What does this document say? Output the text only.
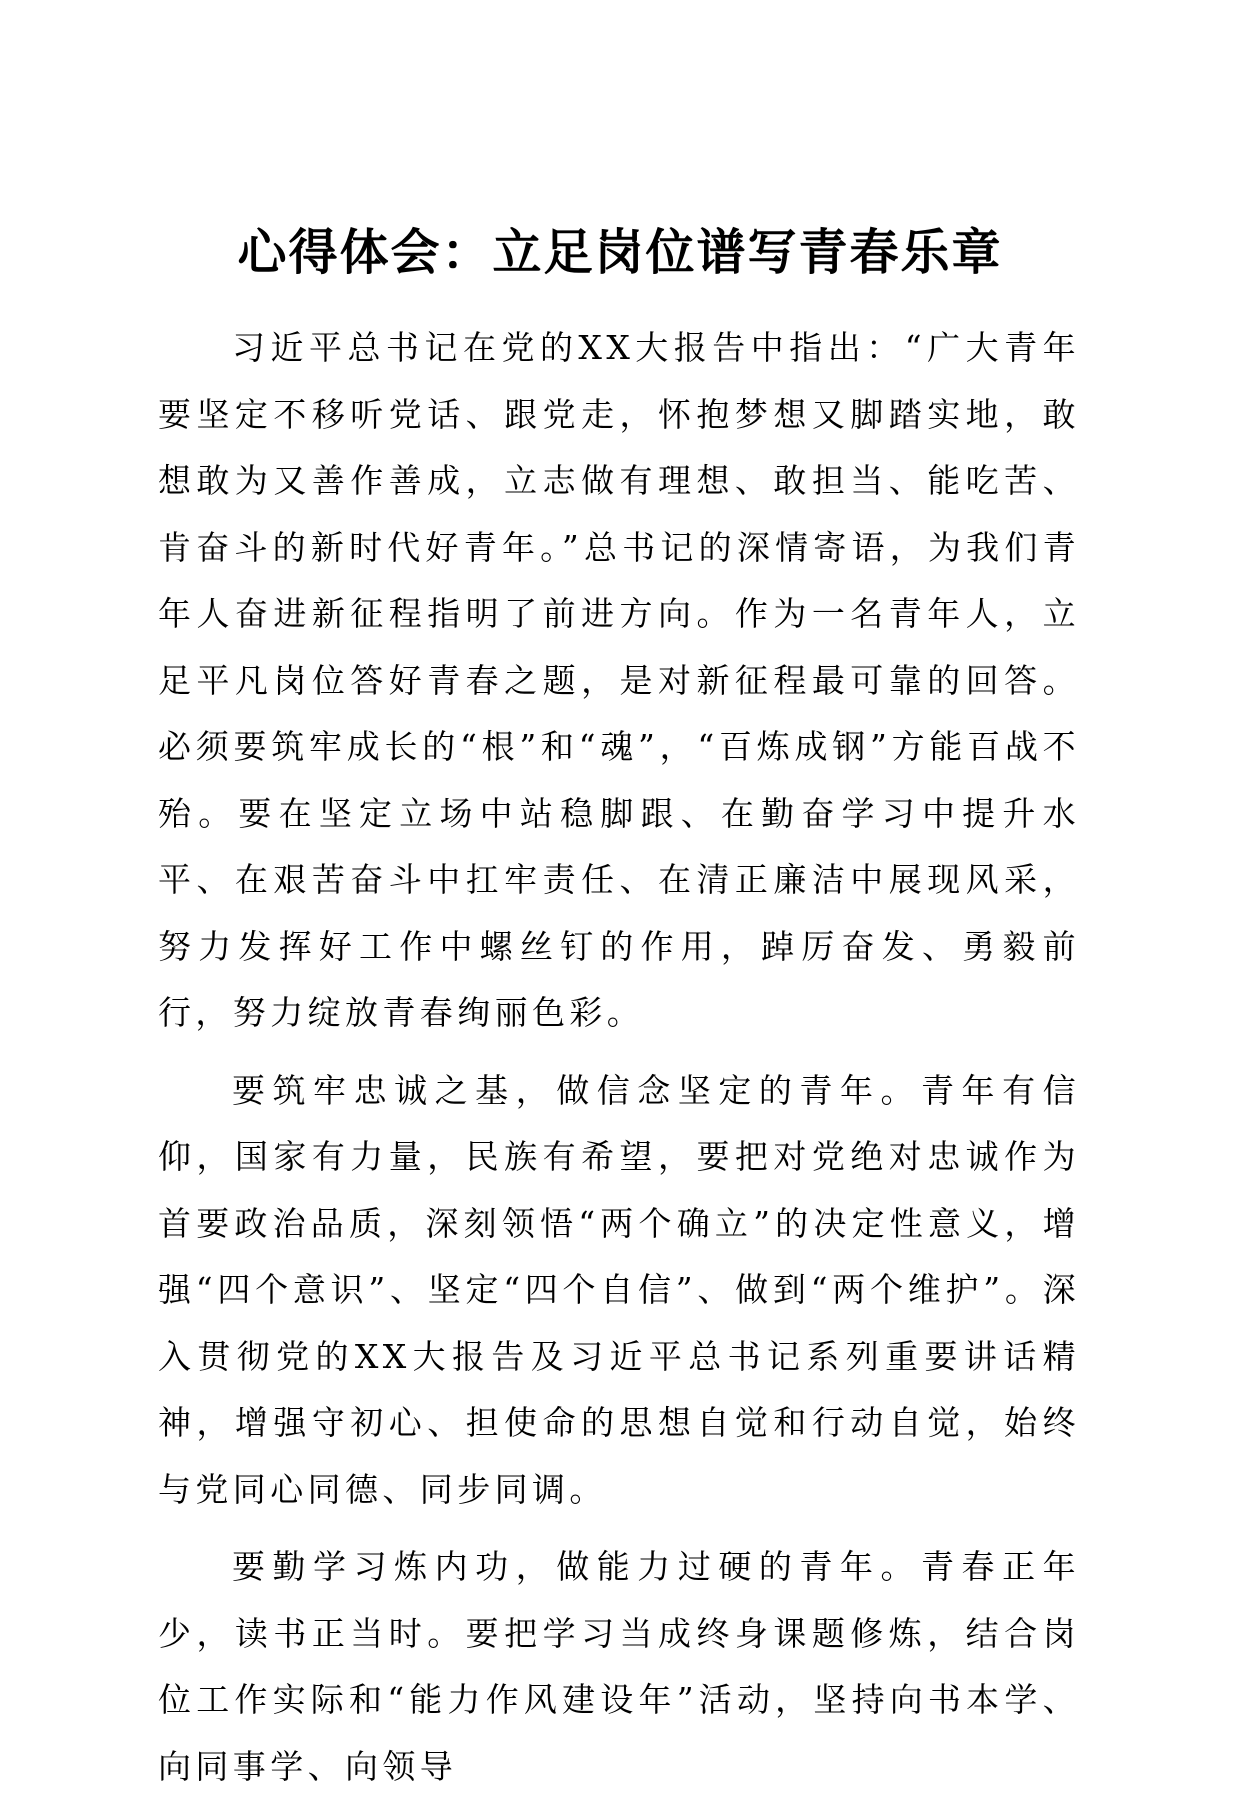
心得体会：立足岗位谱写青春乐章

习近平总书记在党的XX大报告中指出：“广大青年要坚定不移听党话、跟党走，怀抱梦想又脚踏实地，敢想敢为又善作善成，立志做有理想、敢担当、能吃苦、肯奋斗的新时代好青年。”总书记的深情寄语，为我们青年人奋进新征程指明了前进方向。作为一名青年人，立足平凡岗位答好青春之题，是对新征程最可靠的回答。必须要筑牢成长的“根”和“魂”，“百炼成钢”方能百战不殆。要在坚定立场中站稳脚跟、在勤奋学习中提升水平、在艰苦奋斗中扛牢责任、在清正廉洁中展现风采，努力发挥好工作中螺丝钉的作用，踔厉奋发、勇毅前行，努力绽放青春绚丽色彩。

要筑牢忠诚之基，做信念坚定的青年。青年有信仰，国家有力量，民族有希望，要把对党绝对忠诚作为首要政治品质，深刻领悟“两个确立”的决定性意义，增强“四个意识”、坚定“四个自信”、做到“两个维护”。深入贯彻党的XX大报告及习近平总书记系列重要讲话精神，增强守初心、担使命的思想自觉和行动自觉，始终与党同心同德、同步同调。

要勤学习炼内功，做能力过硬的青年。青春正年少，读书正当时。要把学习当成终身课题修炼，结合岗位工作实际和“能力作风建设年”活动，坚持向书本学、向同事学、向领导
